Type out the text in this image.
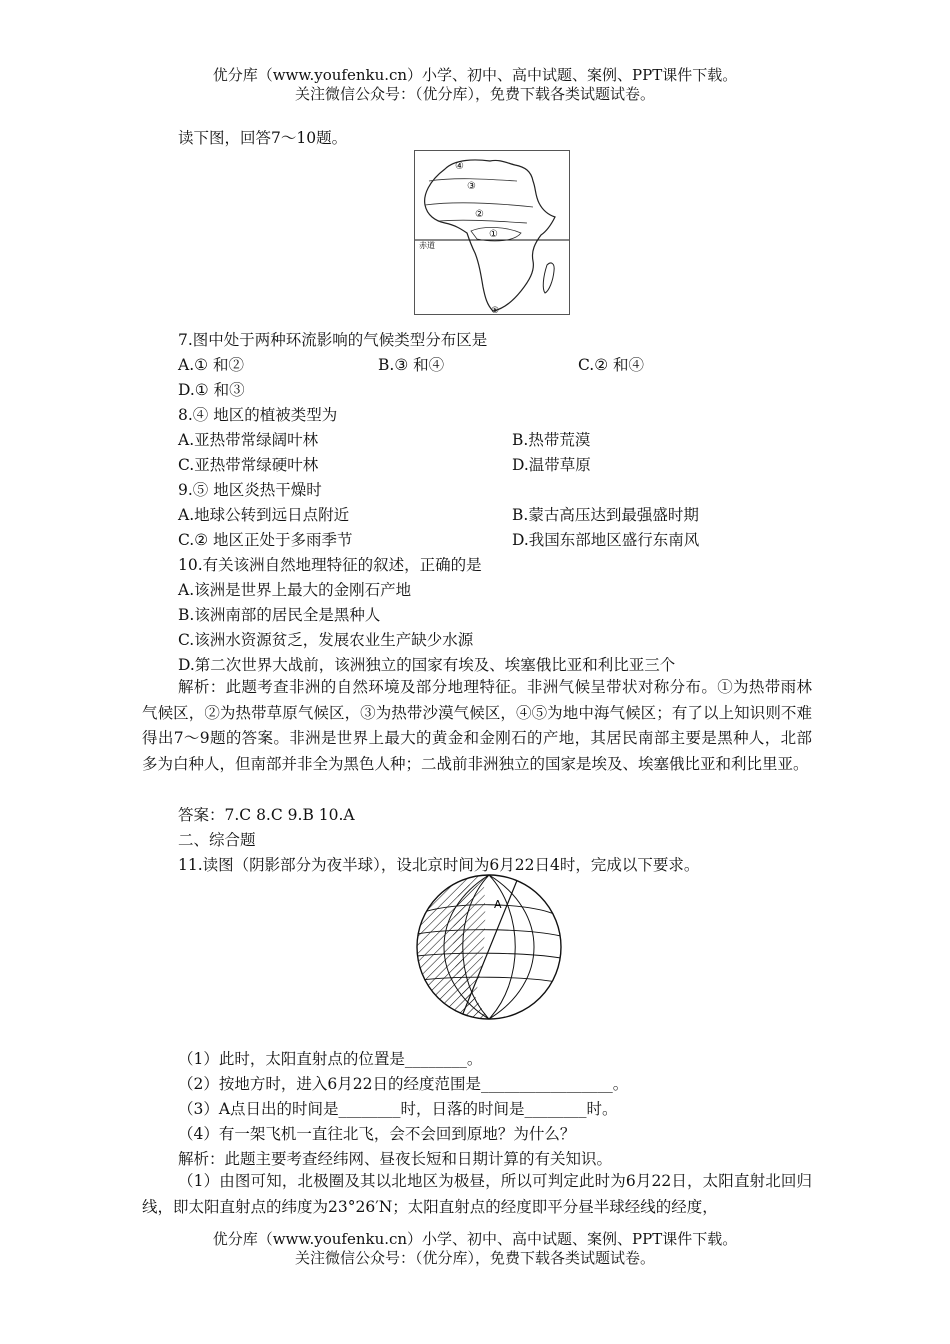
优分库（www.youfenku.cn）小学、初中、高中试题、案例、PPT课件下载。
关注微信公众号：（优分库），免费下载各类试题试卷。
读下图，回答7～10题。
赤道
④
③
②
①
⑤
7.图中处于两种环流影响的气候类型分布区是
A.① 和②	B.③ 和④	C.② 和④
D.① 和③
8.④ 地区的植被类型为
A.亚热带常绿阔叶林	B.热带荒漠
C.亚热带常绿硬叶林	D.温带草原
9.⑤ 地区炎热干燥时
A.地球公转到远日点附近	B.蒙古高压达到最强盛时期
C.② 地区正处于多雨季节	D.我国东部地区盛行东南风
10.有关该洲自然地理特征的叙述，正确的是
A.该洲是世界上最大的金刚石产地
B.该洲南部的居民全是黑种人
C.该洲水资源贫乏，发展农业生产缺少水源
D.第二次世界大战前，该洲独立的国家有埃及、埃塞俄比亚和利比亚三个
解析：此题考查非洲的自然环境及部分地理特征。非洲气候呈带状对称分布。①为热带雨林气候区，②为热带草原气候区，③为热带沙漠气候区，④⑤为地中海气候区；有了以上知识则不难得出7～9题的答案。非洲是世界上最大的黄金和金刚石的产地，其居民南部主要是黑种人，北部多为白种人，但南部并非全为黑色人种；二战前非洲独立的国家是埃及、埃塞俄比亚和利比里亚。
答案：7.C 8.C 9.B 10.A
二、综合题
11.读图（阴影部分为夜半球），设北京时间为6月22日4时，完成以下要求。
A
（1）此时，太阳直射点的位置是________。
（2）按地方时，进入6月22日的经度范围是_________________。
（3）A点日出的时间是________时，日落的时间是________时。
（4）有一架飞机一直往北飞，会不会回到原地？为什么？
解析：此题主要考查经纬网、昼夜长短和日期计算的有关知识。
（1）由图可知，北极圈及其以北地区为极昼，所以可判定此时为6月22日，太阳直射北回归线，即太阳直射点的纬度为23°26′N；太阳直射点的经度即平分昼半球经线的经度，
优分库（www.youfenku.cn）小学、初中、高中试题、案例、PPT课件下载。
关注微信公众号：（优分库），免费下载各类试题试卷。
